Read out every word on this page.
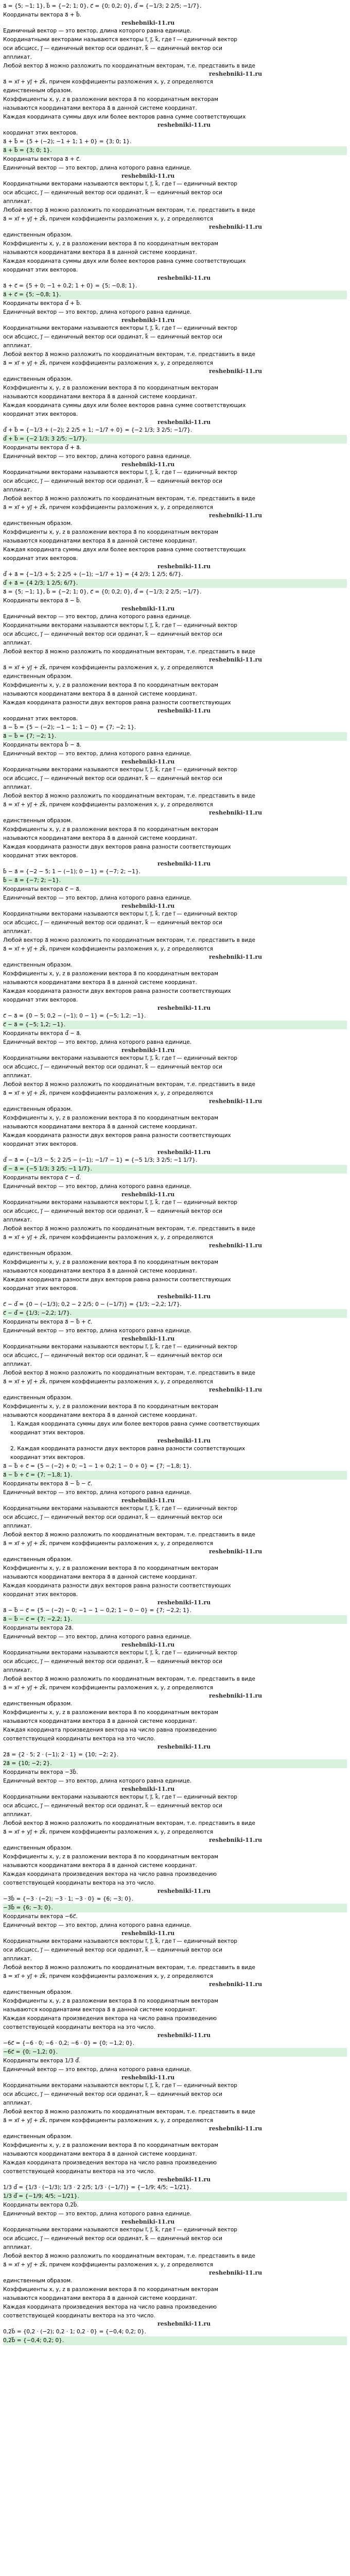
a⃗ = {5; −1; 1}, b⃗ = {−2; 1; 0}, c⃗ = {0; 0,2; 0}, d⃗ = {−1/3; 2 2/5; −1/7}.
Координаты вектора a⃗ + b⃗.
reshebniki-11.ru
Единичный вектор — это вектор, длина которого равна единице.
Координатными векторами называются векторы i⃗, j⃗, k⃗, где i⃗ — единичный вектор
оси абсцисс, j⃗ — единичный вектор оси ординат, k⃗ — единичный вектор оси
аппликат.
Любой вектор a⃗ можно разложить по координатным векторам, т.е. представить в виде
reshebniki-11.ru
a⃗ = xi⃗ + yj⃗ + zk⃗, причем коэффициенты разложения x, y, z определяются
единственным образом.
Коэффициенты x, y, z в разложении вектора a⃗ по координатным векторам
называются координатами вектора a⃗ в данной системе координат.
Каждая координата суммы двух или более векторов равна сумме соответствующих
reshebniki-11.ru
координат этих векторов.
a⃗ + b⃗ = {5 + (−2); −1 + 1; 1 + 0} = {3; 0; 1}.
a⃗ + b⃗ = {3; 0; 1}.
Координаты вектора a⃗ + c⃗.
Единичный вектор — это вектор, длина которого равна единице.
reshebniki-11.ru
Координатными векторами называются векторы i⃗, j⃗, k⃗, где i⃗ — единичный вектор
оси абсцисс, j⃗ — единичный вектор оси ординат, k⃗ — единичный вектор оси
аппликат.
Любой вектор a⃗ можно разложить по координатным векторам, т.е. представить в виде
a⃗ = xi⃗ + yj⃗ + zk⃗, причем коэффициенты разложения x, y, z определяются
reshebniki-11.ru
единственным образом.
Коэффициенты x, y, z в разложении вектора a⃗ по координатным векторам
называются координатами вектора a⃗ в данной системе координат.
Каждая координата суммы двух или более векторов равна сумме соответствующих
координат этих векторов.
reshebniki-11.ru
a⃗ + c⃗ = {5 + 0; −1 + 0,2; 1 + 0} = {5; −0,8; 1}.
a⃗ + c⃗ = {5; −0,8; 1}.
Координаты вектора d⃗ + b⃗.
Единичный вектор — это вектор, длина которого равна единице.
reshebniki-11.ru
Координатными векторами называются векторы i⃗, j⃗, k⃗, где i⃗ — единичный вектор
оси абсцисс, j⃗ — единичный вектор оси ординат, k⃗ — единичный вектор оси
аппликат.
Любой вектор a⃗ можно разложить по координатным векторам, т.е. представить в виде
a⃗ = xi⃗ + yj⃗ + zk⃗, причем коэффициенты разложения x, y, z определяются
reshebniki-11.ru
единственным образом.
Коэффициенты x, y, z в разложении вектора a⃗ по координатным векторам
называются координатами вектора a⃗ в данной системе координат.
Каждая координата суммы двух или более векторов равна сумме соответствующих
координат этих векторов.
reshebniki-11.ru
d⃗ + b⃗ = {−1/3 + (−2); 2 2/5 + 1; −1/7 + 0} = {−2 1/3; 3 2/5; −1/7}.
d⃗ + b⃗ = {−2 1/3; 3 2/5; −1/7}.
Координаты вектора d⃗ + a⃗.
Единичный вектор — это вектор, длина которого равна единице.
reshebniki-11.ru
Координатными векторами называются векторы i⃗, j⃗, k⃗, где i⃗ — единичный вектор
оси абсцисс, j⃗ — единичный вектор оси ординат, k⃗ — единичный вектор оси
аппликат.
Любой вектор a⃗ можно разложить по координатным векторам, т.е. представить в виде
a⃗ = xi⃗ + yj⃗ + zk⃗, причем коэффициенты разложения x, y, z определяются
reshebniki-11.ru
единственным образом.
Коэффициенты x, y, z в разложении вектора a⃗ по координатным векторам
называются координатами вектора a⃗ в данной системе координат.
Каждая координата суммы двух или более векторов равна сумме соответствующих
координат этих векторов.
reshebniki-11.ru
d⃗ + a⃗ = {−1/3 + 5; 2 2/5 + (−1); −1/7 + 1} = {4 2/3; 1 2/5; 6/7}.
d⃗ + a⃗ = {4 2/3; 1 2/5; 6/7}.
a⃗ = {5; −1; 1}, b⃗ = {−2; 1; 0}, c⃗ = {0; 0,2; 0}, d⃗ = {−1/3; 2 2/5; −1/7}.
Координаты вектора a⃗ − b⃗.
reshebniki-11.ru
Единичный вектор — это вектор, длина которого равна единице.
Координатными векторами называются векторы i⃗, j⃗, k⃗, где i⃗ — единичный вектор
оси абсцисс, j⃗ — единичный вектор оси ординат, k⃗ — единичный вектор оси
аппликат.
Любой вектор a⃗ можно разложить по координатным векторам, т.е. представить в виде
reshebniki-11.ru
a⃗ = xi⃗ + yj⃗ + zk⃗, причем коэффициенты разложения x, y, z определяются
единственным образом.
Коэффициенты x, y, z в разложении вектора a⃗ по координатным векторам
называются координатами вектора a⃗ в данной системе координат.
Каждая координата разности двух векторов равна разности соответствующих
reshebniki-11.ru
координат этих векторов.
a⃗ − b⃗ = {5 − (−2); −1 − 1; 1 − 0} = {7; −2; 1}.
a⃗ − b⃗ = {7; −2; 1}.
Координаты вектора b⃗ − a⃗.
Единичный вектор — это вектор, длина которого равна единице.
reshebniki-11.ru
Координатными векторами называются векторы i⃗, j⃗, k⃗, где i⃗ — единичный вектор
оси абсцисс, j⃗ — единичный вектор оси ординат, k⃗ — единичный вектор оси
аппликат.
Любой вектор a⃗ можно разложить по координатным векторам, т.е. представить в виде
a⃗ = xi⃗ + yj⃗ + zk⃗, причем коэффициенты разложения x, y, z определяются
reshebniki-11.ru
единственным образом.
Коэффициенты x, y, z в разложении вектора a⃗ по координатным векторам
называются координатами вектора a⃗ в данной системе координат.
Каждая координата разности двух векторов равна разности соответствующих
координат этих векторов.
reshebniki-11.ru
b⃗ − a⃗ = {−2 − 5; 1 − (−1); 0 − 1} = {−7; 2; −1}.
b⃗ − a⃗ = {−7; 2; −1}.
Координаты вектора c⃗ − a⃗.
Единичный вектор — это вектор, длина которого равна единице.
reshebniki-11.ru
Координатными векторами называются векторы i⃗, j⃗, k⃗, где i⃗ — единичный вектор
оси абсцисс, j⃗ — единичный вектор оси ординат, k⃗ — единичный вектор оси
аппликат.
Любой вектор a⃗ можно разложить по координатным векторам, т.е. представить в виде
a⃗ = xi⃗ + yj⃗ + zk⃗, причем коэффициенты разложения x, y, z определяются
reshebniki-11.ru
единственным образом.
Коэффициенты x, y, z в разложении вектора a⃗ по координатным векторам
называются координатами вектора a⃗ в данной системе координат.
Каждая координата разности двух векторов равна разности соответствующих
координат этих векторов.
reshebniki-11.ru
c⃗ − a⃗ = {0 − 5; 0,2 − (−1); 0 − 1} = {−5; 1,2; −1}.
c⃗ − a⃗ = {−5; 1,2; −1}.
Координаты вектора d⃗ − a⃗.
Единичный вектор — это вектор, длина которого равна единице.
reshebniki-11.ru
Координатными векторами называются векторы i⃗, j⃗, k⃗, где i⃗ — единичный вектор
оси абсцисс, j⃗ — единичный вектор оси ординат, k⃗ — единичный вектор оси
аппликат.
Любой вектор a⃗ можно разложить по координатным векторам, т.е. представить в виде
a⃗ = xi⃗ + yj⃗ + zk⃗, причем коэффициенты разложения x, y, z определяются
reshebniki-11.ru
единственным образом.
Коэффициенты x, y, z в разложении вектора a⃗ по координатным векторам
называются координатами вектора a⃗ в данной системе координат.
Каждая координата разности двух векторов равна разности соответствующих
координат этих векторов.
reshebniki-11.ru
d⃗ − a⃗ = {−1/3 − 5; 2 2/5 − (−1); −1/7 − 1} = {−5 1/3; 3 2/5; −1 1/7}.
d⃗ − a⃗ = {−5 1/3; 3 2/5; −1 1/7}.
Координаты вектора c⃗ − d⃗.
Единичный вектор — это вектор, длина которого равна единице.
reshebniki-11.ru
Координатными векторами называются векторы i⃗, j⃗, k⃗, где i⃗ — единичный вектор
оси абсцисс, j⃗ — единичный вектор оси ординат, k⃗ — единичный вектор оси
аппликат.
Любой вектор a⃗ можно разложить по координатным векторам, т.е. представить в виде
a⃗ = xi⃗ + yj⃗ + zk⃗, причем коэффициенты разложения x, y, z определяются
reshebniki-11.ru
единственным образом.
Коэффициенты x, y, z в разложении вектора a⃗ по координатным векторам
называются координатами вектора a⃗ в данной системе координат.
Каждая координата разности двух векторов равна разности соответствующих
координат этих векторов.
reshebniki-11.ru
c⃗ − d⃗ = {0 − (−1/3); 0,2 − 2 2/5; 0 − (−1/7)} = {1/3; −2,2; 1/7}.
c⃗ − d⃗ = {1/3; −2,2; 1/7}.
Координаты вектора a⃗ − b⃗ + c⃗.
Единичный вектор — это вектор, длина которого равна единице.
reshebniki-11.ru
Координатными векторами называются векторы i⃗, j⃗, k⃗, где i⃗ — единичный вектор
оси абсцисс, j⃗ — единичный вектор оси ординат, k⃗ — единичный вектор оси
аппликат.
Любой вектор a⃗ можно разложить по координатным векторам, т.е. представить в виде
a⃗ = xi⃗ + yj⃗ + zk⃗, причем коэффициенты разложения x, y, z определяются
reshebniki-11.ru
единственным образом.
Коэффициенты x, y, z в разложении вектора a⃗ по координатным векторам
называются координатами вектора a⃗ в данной системе координат.
1. Каждая координата суммы двух или более векторов равна сумме соответствующих
координат этих векторов.
reshebniki-11.ru
2. Каждая координата разности двух векторов равна разности соответствующих
координат этих векторов.
a⃗ − b⃗ + c⃗ = {5 − (−2) + 0; −1 − 1 + 0,2; 1 − 0 + 0} = {7; −1,8; 1}.
a⃗ − b⃗ + c⃗ = {7; −1,8; 1}.
Координаты вектора a⃗ − b⃗ − c⃗.
Единичный вектор — это вектор, длина которого равна единице.
reshebniki-11.ru
Координатными векторами называются векторы i⃗, j⃗, k⃗, где i⃗ — единичный вектор
оси абсцисс, j⃗ — единичный вектор оси ординат, k⃗ — единичный вектор оси
аппликат.
Любой вектор a⃗ можно разложить по координатным векторам, т.е. представить в виде
a⃗ = xi⃗ + yj⃗ + zk⃗, причем коэффициенты разложения x, y, z определяются
reshebniki-11.ru
единственным образом.
Коэффициенты x, y, z в разложении вектора a⃗ по координатным векторам
называются координатами вектора a⃗ в данной системе координат.
Каждая координата разности двух векторов равна разности соответствующих
координат этих векторов.
reshebniki-11.ru
a⃗ − b⃗ − c⃗ = {5 − (−2) − 0; −1 − 1 − 0,2; 1 − 0 − 0} = {7; −2,2; 1}.
a⃗ − b⃗ − c⃗ = {7; −2,2; 1}.
Координаты вектора 2a⃗.
Единичный вектор — это вектор, длина которого равна единице.
reshebniki-11.ru
Координатными векторами называются векторы i⃗, j⃗, k⃗, где i⃗ — единичный вектор
оси абсцисс, j⃗ — единичный вектор оси ординат, k⃗ — единичный вектор оси
аппликат.
Любой вектор a⃗ можно разложить по координатным векторам, т.е. представить в виде
a⃗ = xi⃗ + yj⃗ + zk⃗, причем коэффициенты разложения x, y, z определяются
reshebniki-11.ru
единственным образом.
Коэффициенты x, y, z в разложении вектора a⃗ по координатным векторам
называются координатами вектора a⃗ в данной системе координат.
Каждая координата произведения вектора на число равна произведению
соответствующей координаты вектора на это число.
reshebniki-11.ru
2a⃗ = {2 · 5; 2 · (−1); 2 · 1} = {10; −2; 2}.
2a⃗ = {10; −2; 2}.
Координаты вектора −3b⃗.
Единичный вектор — это вектор, длина которого равна единице.
reshebniki-11.ru
Координатными векторами называются векторы i⃗, j⃗, k⃗, где i⃗ — единичный вектор
оси абсцисс, j⃗ — единичный вектор оси ординат, k⃗ — единичный вектор оси
аппликат.
Любой вектор a⃗ можно разложить по координатным векторам, т.е. представить в виде
a⃗ = xi⃗ + yj⃗ + zk⃗, причем коэффициенты разложения x, y, z определяются
reshebniki-11.ru
единственным образом.
Коэффициенты x, y, z в разложении вектора a⃗ по координатным векторам
называются координатами вектора a⃗ в данной системе координат.
Каждая координата произведения вектора на число равна произведению
соответствующей координаты вектора на это число.
reshebniki-11.ru
−3b⃗ = {−3 · (−2); −3 · 1; −3 · 0} = {6; −3; 0}.
−3b⃗ = {6; −3; 0}.
Координаты вектора −6c⃗.
Единичный вектор — это вектор, длина которого равна единице.
reshebniki-11.ru
Координатными векторами называются векторы i⃗, j⃗, k⃗, где i⃗ — единичный вектор
оси абсцисс, j⃗ — единичный вектор оси ординат, k⃗ — единичный вектор оси
аппликат.
Любой вектор a⃗ можно разложить по координатным векторам, т.е. представить в виде
a⃗ = xi⃗ + yj⃗ + zk⃗, причем коэффициенты разложения x, y, z определяются
reshebniki-11.ru
единственным образом.
Коэффициенты x, y, z в разложении вектора a⃗ по координатным векторам
называются координатами вектора a⃗ в данной системе координат.
Каждая координата произведения вектора на число равна произведению
соответствующей координаты вектора на это число.
reshebniki-11.ru
−6c⃗ = {−6 · 0; −6 · 0,2; −6 · 0} = {0; −1,2; 0}.
−6c⃗ = {0; −1,2; 0}.
Координаты вектора 1/3 d⃗.
Единичный вектор — это вектор, длина которого равна единице.
reshebniki-11.ru
Координатными векторами называются векторы i⃗, j⃗, k⃗, где i⃗ — единичный вектор
оси абсцисс, j⃗ — единичный вектор оси ординат, k⃗ — единичный вектор оси
аппликат.
Любой вектор a⃗ можно разложить по координатным векторам, т.е. представить в виде
a⃗ = xi⃗ + yj⃗ + zk⃗, причем коэффициенты разложения x, y, z определяются
reshebniki-11.ru
единственным образом.
Коэффициенты x, y, z в разложении вектора a⃗ по координатным векторам
называются координатами вектора a⃗ в данной системе координат.
Каждая координата произведения вектора на число равна произведению
соответствующей координаты вектора на это число.
reshebniki-11.ru
1/3 d⃗ = {1/3 · (−1/3); 1/3 · 2 2/5; 1/3 · (−1/7)} = {−1/9; 4/5; −1/21}.
1/3 d⃗ = {−1/9; 4/5; −1/21}.
Координаты вектора 0,2b⃗.
Единичный вектор — это вектор, длина которого равна единице.
reshebniki-11.ru
Координатными векторами называются векторы i⃗, j⃗, k⃗, где i⃗ — единичный вектор
оси абсцисс, j⃗ — единичный вектор оси ординат, k⃗ — единичный вектор оси
аппликат.
Любой вектор a⃗ можно разложить по координатным векторам, т.е. представить в виде
a⃗ = xi⃗ + yj⃗ + zk⃗, причем коэффициенты разложения x, y, z определяются
reshebniki-11.ru
единственным образом.
Коэффициенты x, y, z в разложении вектора a⃗ по координатным векторам
называются координатами вектора a⃗ в данной системе координат.
Каждая координата произведения вектора на число равна произведению
соответствующей координаты вектора на это число.
reshebniki-11.ru
0,2b⃗ = {0,2 · (−2); 0,2 · 1; 0,2 · 0} = {−0,4; 0,2; 0}.
0,2b⃗ = {−0,4; 0,2; 0}.
